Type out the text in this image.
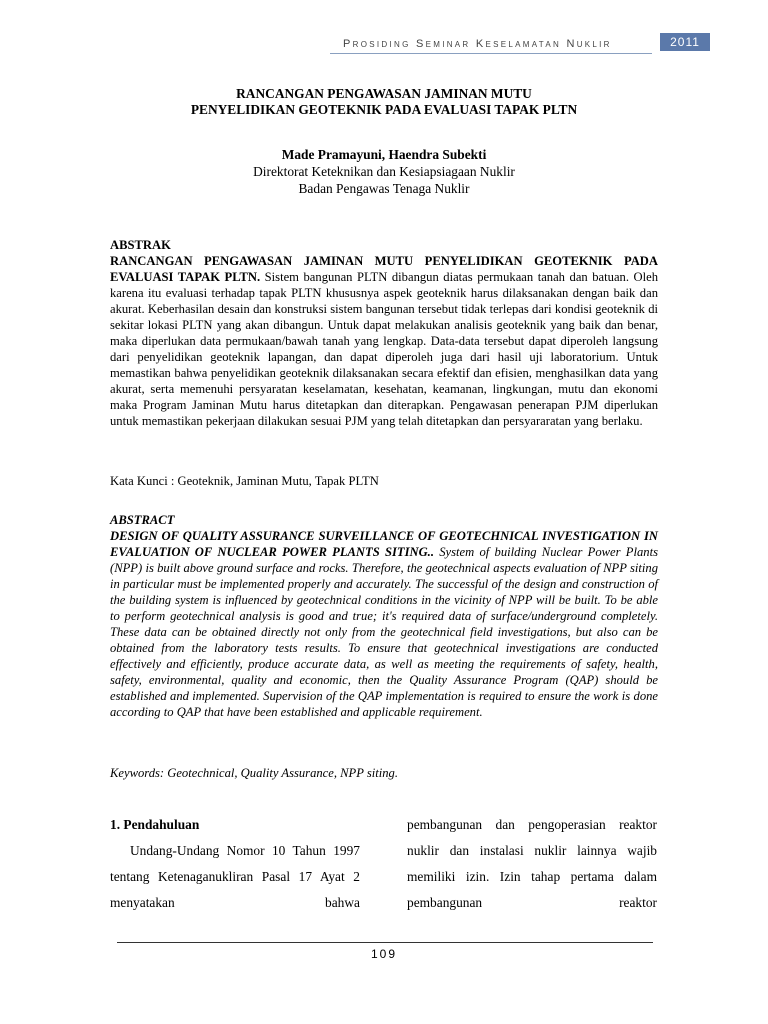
Prosiding Seminar Keselamatan Nuklir	2011
RANCANGAN PENGAWASAN JAMINAN MUTU
PENYELIDIKAN GEOTEKNIK PADA EVALUASI TAPAK PLTN
Made Pramayuni, Haendra Subekti
Direktorat Keteknikan dan Kesiapsiagaan Nuklir
Badan Pengawas Tenaga Nuklir
ABSTRAK
RANCANGAN PENGAWASAN JAMINAN MUTU PENYELIDIKAN GEOTEKNIK PADA EVALUASI TAPAK PLTN. Sistem bangunan PLTN dibangun diatas permukaan tanah dan batuan. Oleh karena itu evaluasi terhadap tapak PLTN khususnya aspek geoteknik harus dilaksanakan dengan baik dan akurat. Keberhasilan desain dan konstruksi sistem bangunan tersebut tidak terlepas dari kondisi geoteknik di sekitar lokasi PLTN yang akan dibangun. Untuk dapat melakukan analisis geoteknik yang baik dan benar, maka diperlukan data permukaan/bawah tanah yang lengkap. Data-data tersebut dapat diperoleh langsung dari penyelidikan geoteknik lapangan, dan dapat diperoleh juga dari hasil uji laboratorium. Untuk memastikan bahwa penyelidikan geoteknik dilaksanakan secara efektif dan efisien, menghasilkan data yang akurat, serta memenuhi persyaratan keselamatan, kesehatan, keamanan, lingkungan, mutu dan ekonomi maka Program Jaminan Mutu harus ditetapkan dan diterapkan. Pengawasan penerapan PJM diperlukan untuk memastikan pekerjaan dilakukan sesuai PJM yang telah ditetapkan dan persyararatan yang berlaku.
Kata Kunci : Geoteknik, Jaminan Mutu, Tapak PLTN
ABSTRACT
DESIGN OF QUALITY ASSURANCE SURVEILLANCE OF GEOTECHNICAL INVESTIGATION IN EVALUATION OF NUCLEAR POWER PLANTS SITING.. System of building Nuclear Power Plants (NPP) is built above ground surface and rocks. Therefore, the geotechnical aspects evaluation of NPP siting in particular must be implemented properly and accurately. The successful of the design and construction of the building system is influenced by geotechnical conditions in the vicinity of NPP will be built. To be able to perform geotechnical analysis is good and true; it's required data of surface/underground completely. These data can be obtained directly not only from the geotechnical field investigations, but also can be obtained from the laboratory tests results. To ensure that geotechnical investigations are conducted effectively and efficiently, produce accurate data, as well as meeting the requirements of safety, health, safety, environmental, quality and economic, then the Quality Assurance Program (QAP) should be established and implemented. Supervision of the QAP implementation is required to ensure the work is done according to QAP that have been established and applicable requirement.
Keywords: Geotechnical, Quality Assurance, NPP siting.
1. Pendahuluan
Undang-Undang Nomor 10 Tahun 1997 tentang Ketenaganukliran Pasal 17 Ayat 2 menyatakan bahwa
pembangunan dan pengoperasian reaktor nuklir dan instalasi nuklir lainnya wajib memiliki izin. Izin tahap pertama dalam pembangunan reaktor
109
